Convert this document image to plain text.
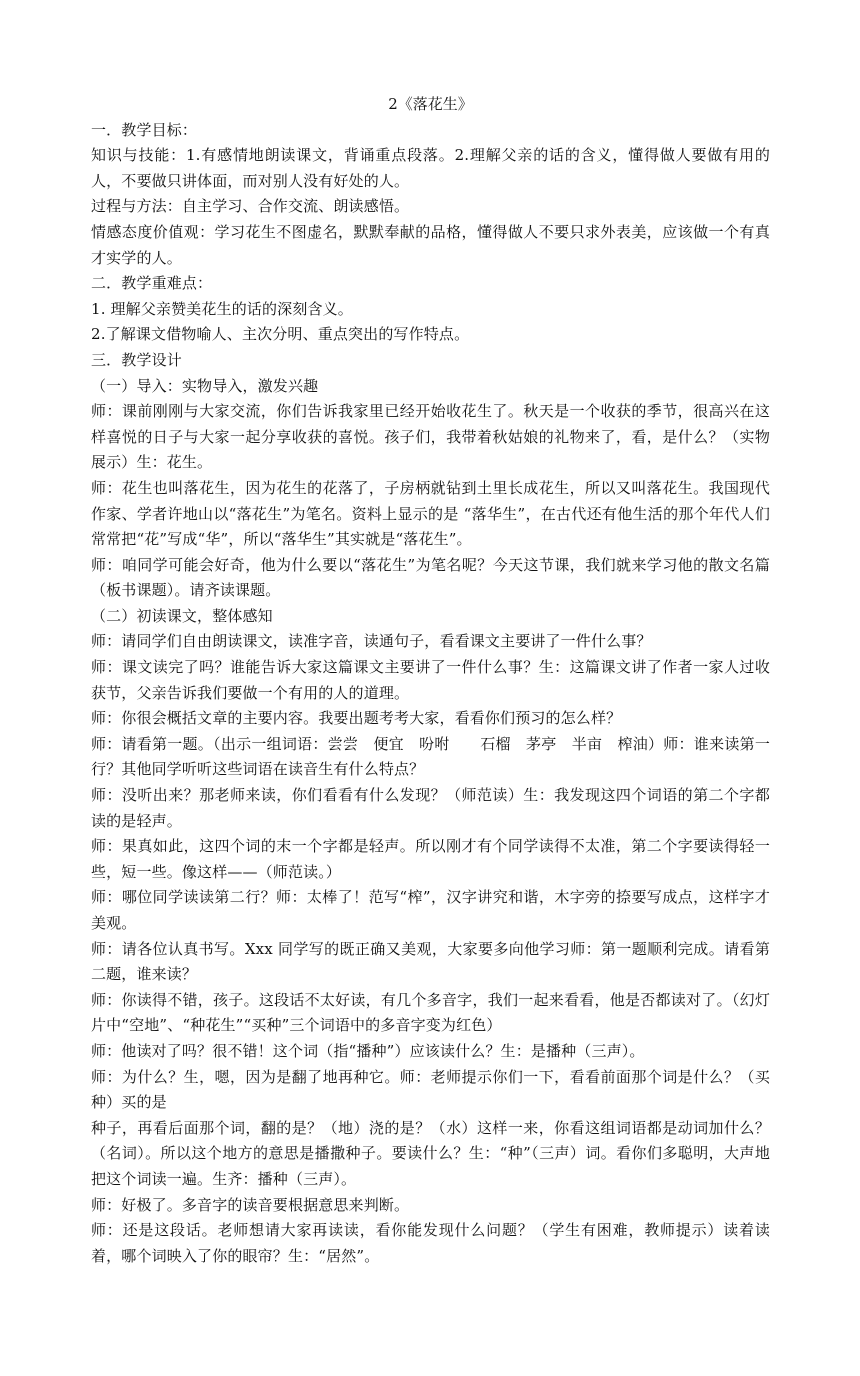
2《落花生》

一．教学目标：

知识与技能：1.有感情地朗读课文，背诵重点段落。2.理解父亲的话的含义，懂得做人要做有用的人，不要做只讲体面，而对别人没有好处的人。

过程与方法：自主学习、合作交流、朗读感悟。

情感态度价值观：学习花生不图虚名，默默奉献的品格，懂得做人不要只求外表美，应该做一个有真才实学的人。

二．教学重难点：

1. 理解父亲赞美花生的话的深刻含义。

2.了解课文借物喻人、主次分明、重点突出的写作特点。

三．教学设计

（一）导入：实物导入，激发兴趣

师：课前刚刚与大家交流，你们告诉我家里已经开始收花生了。秋天是一个收获的季节，很高兴在这样喜悦的日子与大家一起分享收获的喜悦。孩子们，我带着秋姑娘的礼物来了，看，是什么？（实物展示）生：花生。

师：花生也叫落花生，因为花生的花落了，子房柄就钻到土里长成花生，所以又叫落花生。我国现代作家、学者许地山以“落花生”为笔名。资料上显示的是 “落华生”，在古代还有他生活的那个年代人们常常把“花”写成“华”，所以“落华生”其实就是“落花生”。

师：咱同学可能会好奇，他为什么要以“落花生”为笔名呢？今天这节课，我们就来学习他的散文名篇（板书课题）。请齐读课题。

（二）初读课文，整体感知

师：请同学们自由朗读课文，读准字音，读通句子，看看课文主要讲了一件什么事？

师：课文读完了吗？谁能告诉大家这篇课文主要讲了一件什么事？生：这篇课文讲了作者一家人过收获节，父亲告诉我们要做一个有用的人的道理。

师：你很会概括文章的主要内容。我要出题考考大家，看看你们预习的怎么样？

师：请看第一题。（出示一组词语：尝尝　便宜　吩咐　　石榴　茅亭　半亩　榨油）师：谁来读第一行？其他同学听听这些词语在读音生有什么特点？

师：没听出来？那老师来读，你们看看有什么发现？（师范读）生：我发现这四个词语的第二个字都读的是轻声。

师：果真如此，这四个词的末一个字都是轻声。所以刚才有个同学读得不太准，第二个字要读得轻一些，短一些。像这样——（师范读。）

师：哪位同学读读第二行？师：太棒了！范写“榨”，汉字讲究和谐，木字旁的捺要写成点，这样字才美观。

师：请各位认真书写。Xxx 同学写的既正确又美观，大家要多向他学习师：第一题顺利完成。请看第二题，谁来读？

师：你读得不错，孩子。这段话不太好读，有几个多音字，我们一起来看看，他是否都读对了。（幻灯片中“空地”、“种花生”“买种”三个词语中的多音字变为红色）

师：他读对了吗？很不错！这个词（指“播种”）应该读什么？生：是播种（三声）。

师：为什么？生，嗯，因为是翻了地再种它。师：老师提示你们一下，看看前面那个词是什么？（买种）买的是

种子，再看后面那个词，翻的是？（地）浇的是？（水）这样一来，你看这组词语都是动词加什么？（名词）。所以这个地方的意思是播撒种子。要读什么？生：“种”（三声）词。看你们多聪明，大声地把这个词读一遍。生齐：播种（三声）。

师：好极了。多音字的读音要根据意思来判断。

师：还是这段话。老师想请大家再读读，看你能发现什么问题？（学生有困难，教师提示）读着读着，哪个词映入了你的眼帘？生：“居然”。
